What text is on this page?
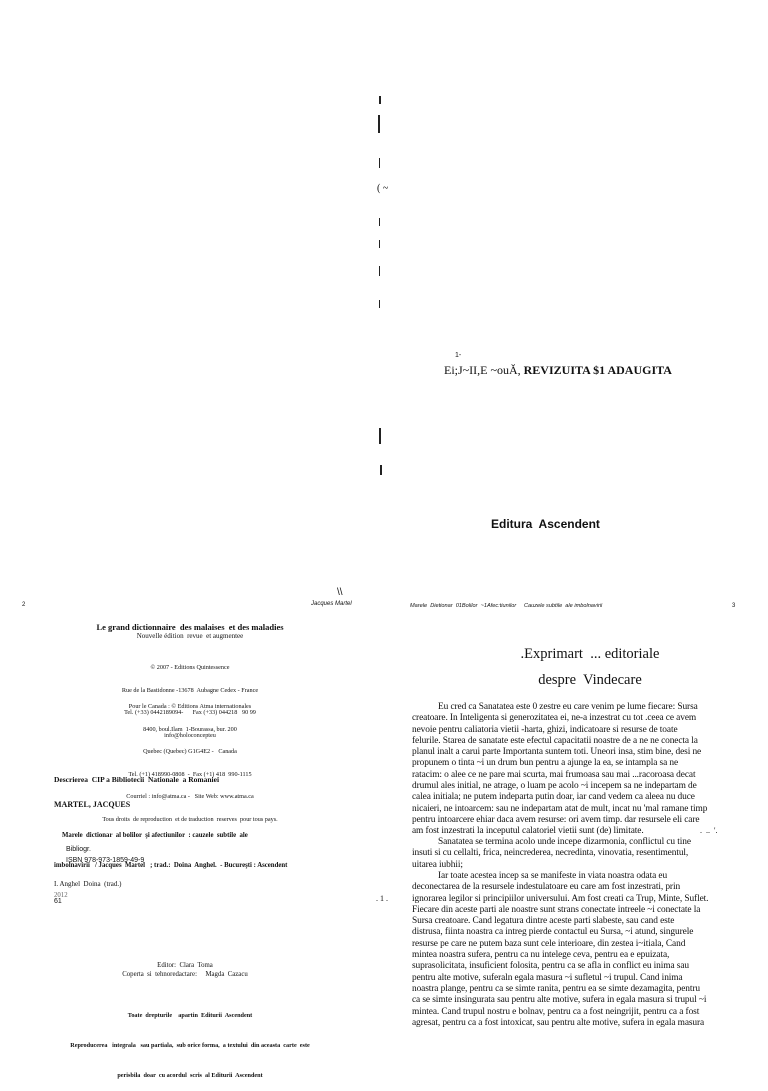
( ~
1-
Ei;J~II,E ~ouĂ, REVIZUITA $1 ADAUGITA
Editura  Ascendent
\\
2	Jacques Martel
Le grand dictionnaire  des malaises  et des maladies
Nouvelle édition  revue  et augmentee

© 2007 - Editions Quintessence

Rue de la Bastidonne -13678  Aubagne Cedex - France

Tel. (+33) 0442189094-      Fax (+33) 044218   90 99

info@holoconcepteu

Pour le Canada : © Editions Atma internationales

8400, boul.Ilam  1-Bourassa, bur. 200

Quebec (Quebec) G1G4E2 -   Canada

Tel. (+1) 418990-0808  -  Fax (+1) 418  990-1115

Courriel : info@atma.ca -   Site Web: www.atma.ca

Tous droits  de reproduction  et de traduction  reserves  pour tous pays.

Descrierea  CIP a Bibliotecii  Nationale  a Romaniei
MARTEL, JACQUES

Marele  dictionar  al bolilor  şi afectiunilor  : cauzele  subtile  ale

imbolnavirii   / Jacques  Martel   ; trad.:  Doina  Anghel.  - Bucureşti : Ascendent

2012

Bibliogr.
ISBN 978-973-1859-49-9
I. Anghel  Doina  (trad.)
61
Editor:  Clara  Toma
Coperta  si  tehnoredactare:     Magda  Cazacu

Toate  drepturile    apartin  Editurii  Ascendent

Reproducerea   integrala   sau partiala,  sub orice forma,  a textului  din aceasta  carte  este

perisbila  doar  cu acordul  scris  al Editurii  Ascendent

Marele  Dietionar  01Bolilor  ~1Afec:tiunilor     Cauzele subtile  ale imbolnavirii	3
.Exprimart  ... editoriale
despre  Vindecare
Eu cred ca Sanatatea este 0 zestre eu care venim pe lume fiecare: Sursa
creatoare. In Inteligenta si generozitatea ei, ne-a inzestrat cu tot .ceea ce avem
nevoie pentru caliatoria vietii -harta, ghizi, indicatoare si resurse de toate
felurile. Starea de sanatate este efectul capacitatii noastre de a ne ne conecta la
planul inalt a carui parte Importanta suntem toti. Uneori insa, stim bine, desi ne
propunem o tinta ~i un drum bun pentru a ajunge la ea, se intampla sa ne
ratacim: o alee ce ne pare mai scurta, mai frumoasa sau mai ...racoroasa decat
drumul ales initial, ne atrage, o luam pe acolo ~i incepem sa ne indepartam de
calea initiala; ne putem indeparta putin doar, iar cand vedem ca aleea nu duce
nicaieri, ne intoarcem: sau ne indepartam atat de mult, incat nu 'mal ramane timp
pentru intoarcere ehiar daca avem resurse: ori avem timp. dar resursele eli care
am fost inzestrati la inceputul calatoriel vietii sunt (de) limitate.	.  ..  '.
Sanatatea se termina acolo unde incepe dizarmonia, conflictul cu tine
insuti si cu cellalti, frica, neincrederea, necredinta, vinovatia, resentimentul,
uitarea iubhii;
. 1 .
Iar toate acestea incep sa se manifeste in viata noastra odata eu
deconectarea de la resursele indestulatoare eu care am fost inzestrati, prin
ignorarea legilor si principiilor universului. Am fost creati ca Trup, Minte, Suflet.
Fiecare din aceste parti ale noastre sunt strans conectate intreele ~i conectate la
Sursa creatoare. Cand legatura dintre aceste parti slabeste, sau cand este
distrusa, fiinta noastra ca intreg pierde contactul eu Sursa, ~i atund, singurele
resurse pe care ne putem baza sunt cele interioare, din zestea i~itiala, Cand
mintea noastra sufera, pentru ca nu intelege ceva, pentru ea e epuizata,
suprasolicitata, insuficient folosita, pentru ca se afla in conflict eu inima sau
pentru alte motive, suferaln egala masura ~i sufletul ~i trupul. Cand inima
noastra plange, pentru ca se simte ranita, pentru ea se simte dezamagita, pentru
ca se simte insingurata sau pentru alte motive, sufera in egala masura si trupul ~i
mintea. Cand trupul nostru e bolnav, pentru ca a fost neingrijit, pentru ca a fost
agresat, pentru ca a fost intoxicat, sau pentru alte motive, sufera in egala masura
